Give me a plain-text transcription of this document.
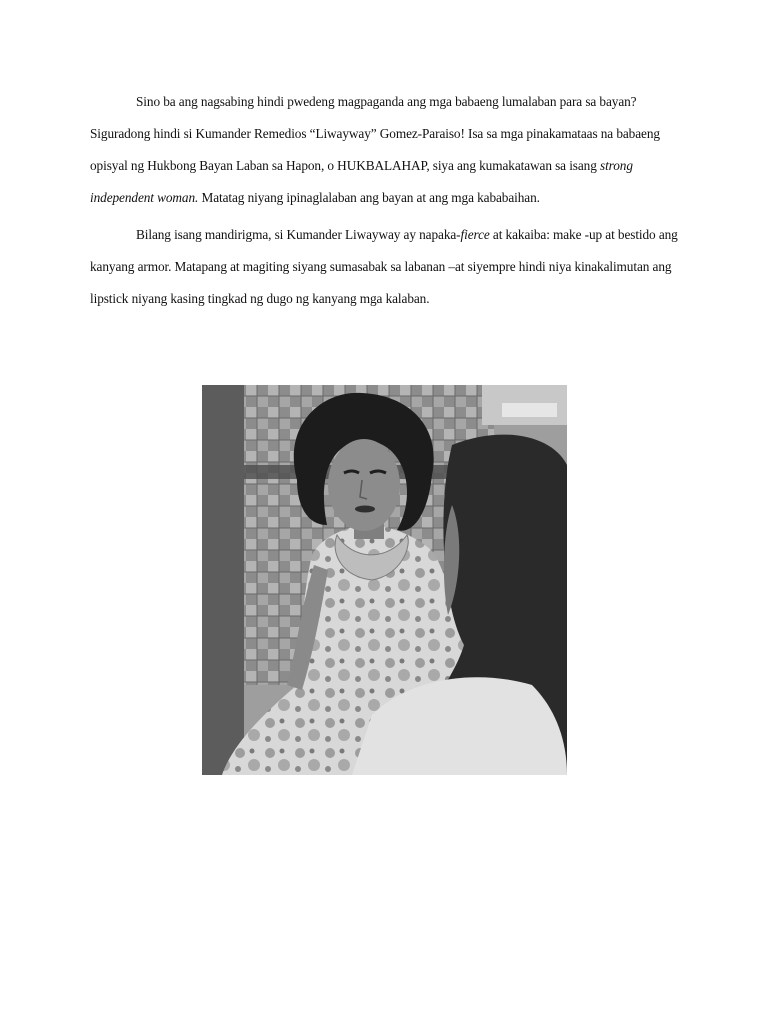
Sino ba ang nagsabing hindi pwedeng magpaganda ang mga babaeng lumalaban para sa bayan? Siguradong hindi si Kumander Remedios “Liwayway” Gomez-Paraiso! Isa sa mga pinakamataas na babaeng opisyal ng Hukbong Bayan Laban sa Hapon, o HUKBALAHAP, siya ang kumakatawan sa isang strong independent woman. Matatag niyang ipinaglalaban ang bayan at ang mga kababaihan.

Bilang isang mandirigma, si Kumander Liwayway ay napaka-fierce at kakaiba: make -up at bestido ang kanyang armor. Matapang at magiting siyang sumasabak sa labanan –at siyempre hindi niya kinakalimutan ang lipstick niyang kasing tingkad ng dugo ng kanyang mga kalaban.
